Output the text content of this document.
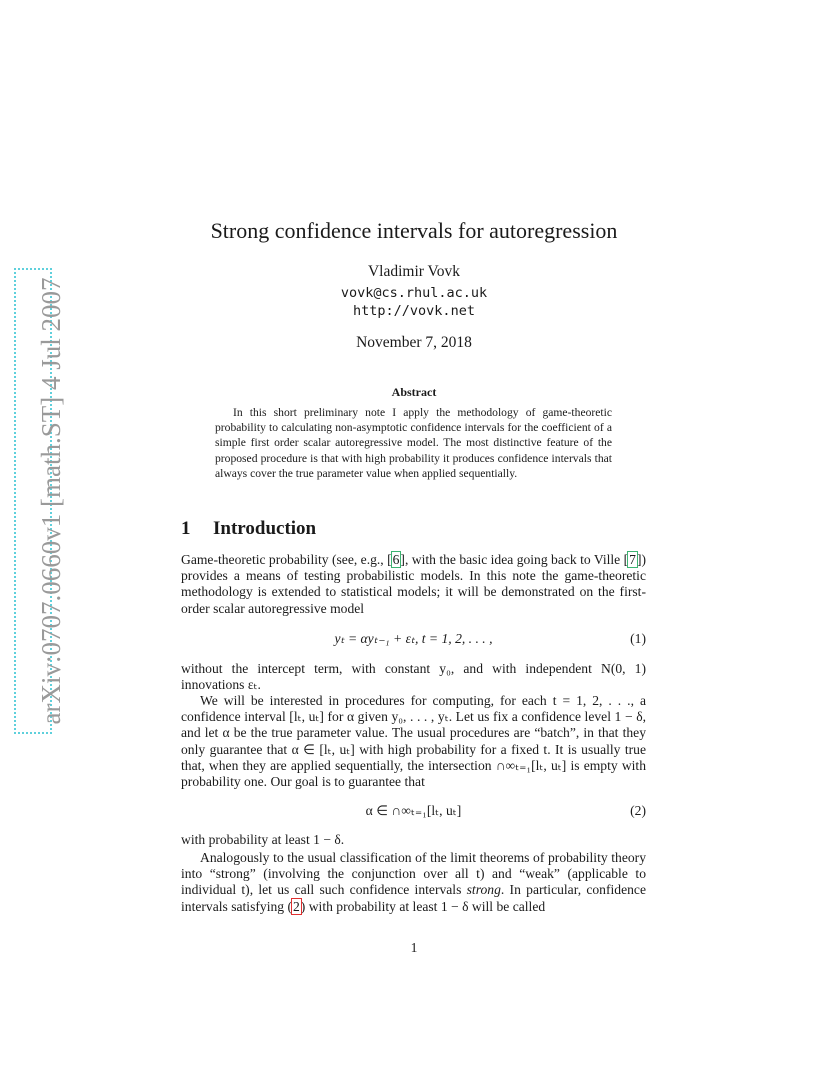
arXiv:0707.0660v1 [math.ST] 4 Jul 2007
Strong confidence intervals for autoregression
Vladimir Vovk
vovk@cs.rhul.ac.uk
http://vovk.net
November 7, 2018
Abstract

In this short preliminary note I apply the methodology of game-theoretic probability to calculating non-asymptotic confidence intervals for the coefficient of a simple first order scalar autoregressive model. The most distinctive feature of the proposed procedure is that with high probability it produces confidence intervals that always cover the true parameter value when applied sequentially.

1 Introduction

Game-theoretic probability (see, e.g., [6], with the basic idea going back to Ville [7]) provides a means of testing probabilistic models. In this note the game-theoretic methodology is extended to statistical models; it will be demonstrated on the first-order scalar autoregressive model

yₜ = αyₜ₋₁ + εₜ, t = 1, 2, . . . ,	(1)

without the intercept term, with constant y₀, and with independent N(0, 1) innovations εₜ.

We will be interested in procedures for computing, for each t = 1, 2, . . ., a confidence interval [lₜ, uₜ] for α given y₀, . . . , yₜ. Let us fix a confidence level 1 − δ, and let α be the true parameter value. The usual procedures are “batch”, in that they only guarantee that α ∈ [lₜ, uₜ] with high probability for a fixed t. It is usually true that, when they are applied sequentially, the intersection ∩∞ₜ₌₁[lₜ, uₜ] is empty with probability one. Our goal is to guarantee that

α ∈ ∩∞ₜ₌₁[lₜ, uₜ]	(2)

with probability at least 1 − δ.

Analogously to the usual classification of the limit theorems of probability theory into “strong” (involving the conjunction over all t) and “weak” (applicable to individual t), let us call such confidence intervals strong. In particular, confidence intervals satisfying (2) with probability at least 1 − δ will be called

1
